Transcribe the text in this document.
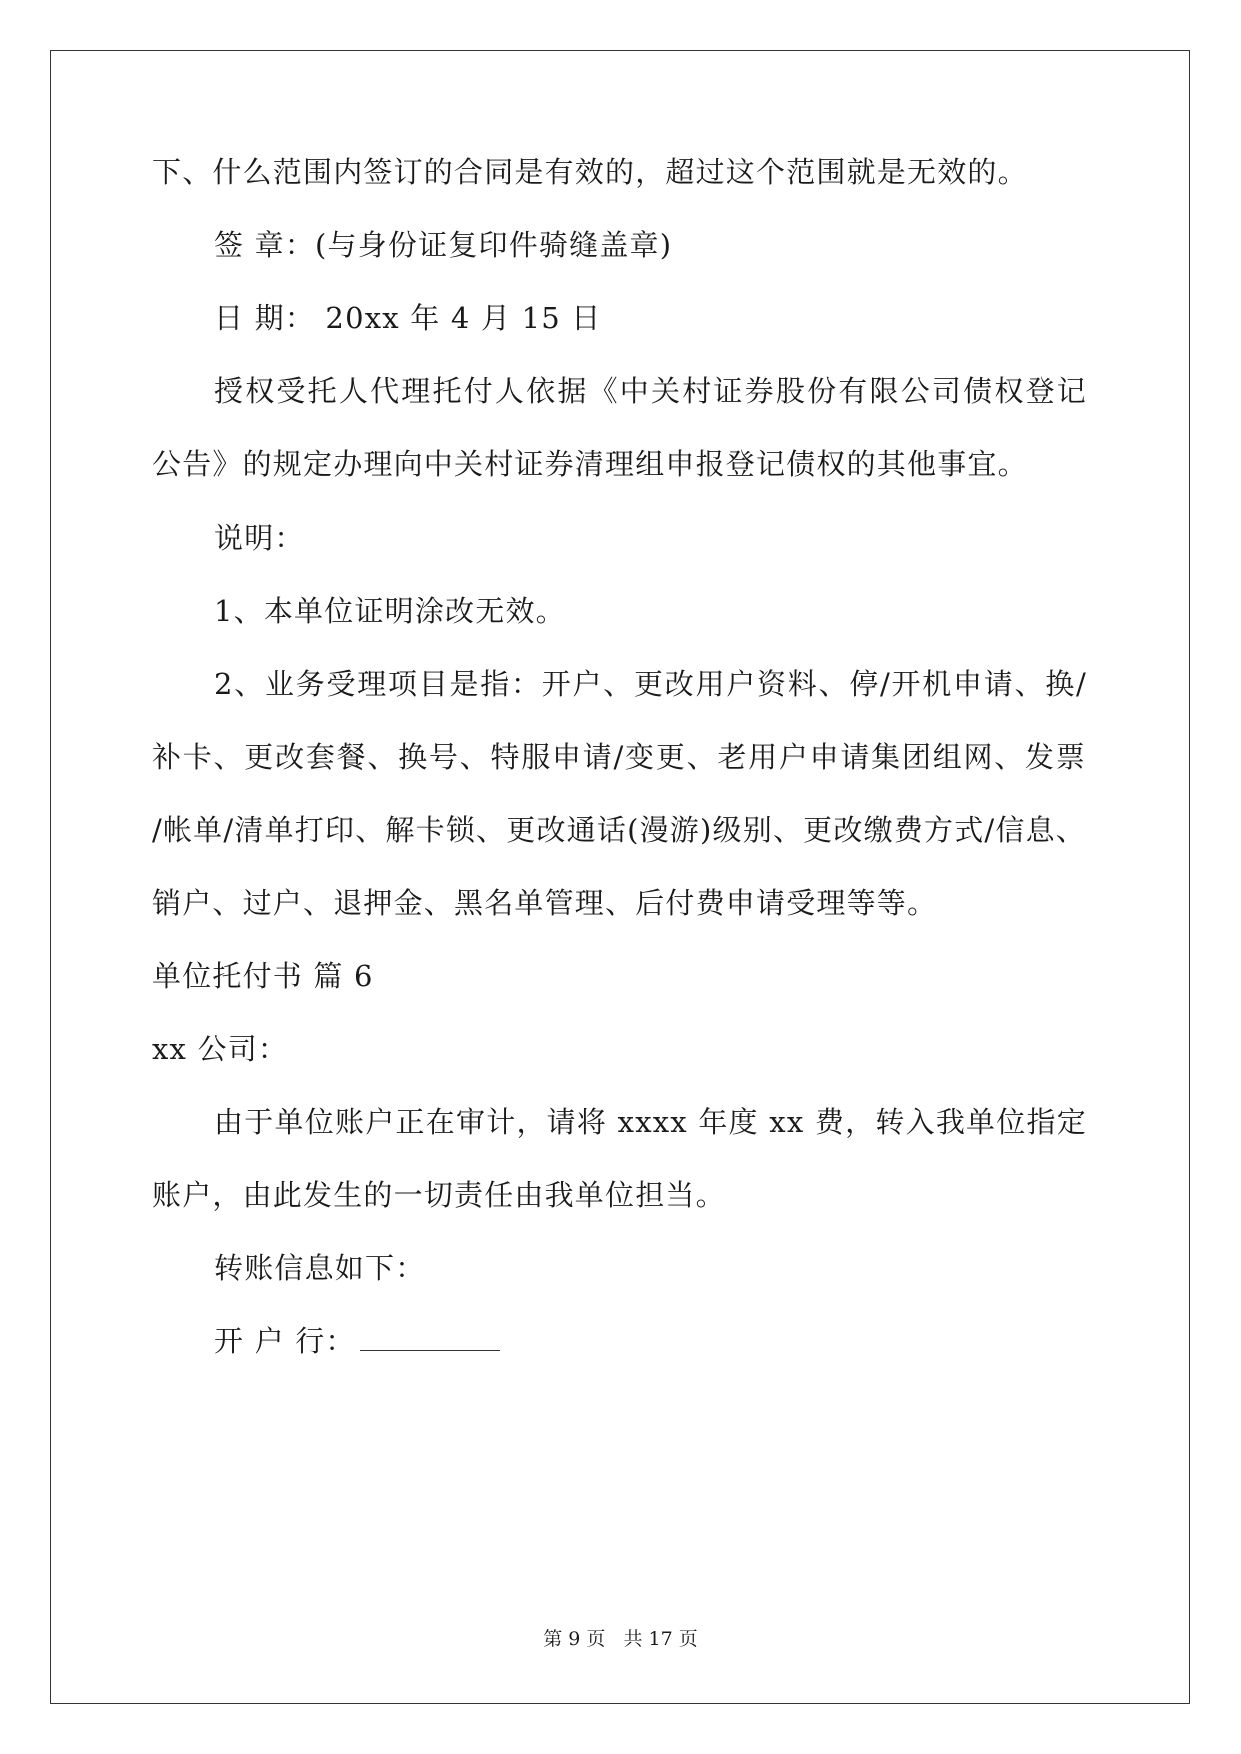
下、什么范围内签订的合同是有效的，超过这个范围就是无效的。
签 章：(与身份证复印件骑缝盖章)
日 期： 20xx 年 4 月 15 日
授权受托人代理托付人依据《中关村证券股份有限公司债权登记
公告》的规定办理向中关村证券清理组申报登记债权的其他事宜。
说明：
1、本单位证明涂改无效。
2、业务受理项目是指：开户、更改用户资料、停/开机申请、换/
补卡、更改套餐、换号、特服申请/变更、老用户申请集团组网、发票
/帐单/清单打印、解卡锁、更改通话(漫游)级别、更改缴费方式/信息、
销户、过户、退押金、黑名单管理、后付费申请受理等等。
单位托付书 篇 6
xx 公司：
由于单位账户正在审计，请将 xxxx 年度 xx 费，转入我单位指定
账户，由此发生的一切责任由我单位担当。
转账信息如下：
开 户 行：
第 9 页 共 17 页
